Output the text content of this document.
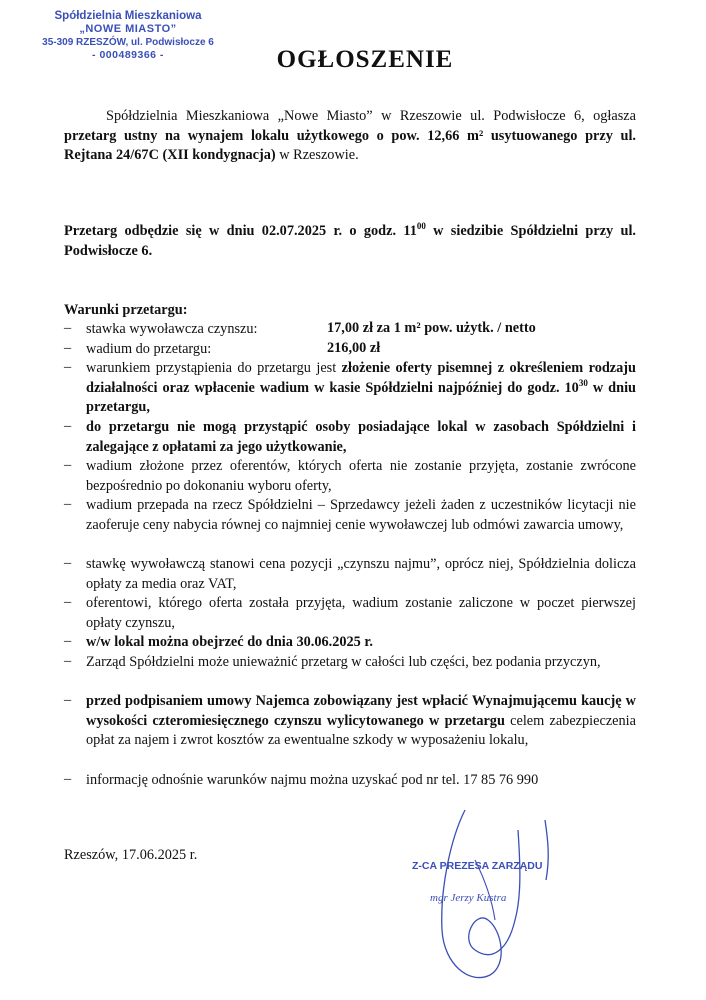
Spółdzielnia Mieszkaniowa
„NOWE MIASTO”
35-309 RZESZÓW, ul. Podwisłocze 6
- 000489366 -	OGŁOSZENIE
Spółdzielnia Mieszkaniowa „Nowe Miasto” w Rzeszowie ul. Podwisłocze 6, ogłasza przetarg ustny na wynajem lokalu użytkowego o pow. 12,66 m² usytuowanego przy ul. Rejtana 24/67C (XII kondygnacja) w Rzeszowie.
Przetarg odbędzie się w dniu 02.07.2025 r. o godz. $11^{00}$ w siedzibie Spółdzielni przy ul. Podwisłocze 6.
Warunki przetargu:
– stawka wywoławcza czynszu:	17,00 zł za 1 m² pow. użytk. / netto
– wadium do przetargu:	216,00 zł
– warunkiem przystąpienia do przetargu jest złożenie oferty pisemnej z określeniem rodzaju działalności oraz wpłacenie wadium w kasie Spółdzielni najpóźniej do godz. $10^{30}$ w dniu przetargu,
– do przetargu nie mogą przystąpić osoby posiadające lokal w zasobach Spółdzielni i zalegające z opłatami za jego użytkowanie,
– wadium złożone przez oferentów, których oferta nie zostanie przyjęta, zostanie zwrócone bezpośrednio po dokonaniu wyboru oferty,
– wadium przepada na rzecz Spółdzielni – Sprzedawcy jeżeli żaden z uczestników licytacji nie zaoferuje ceny nabycia równej co najmniej cenie wywoławczej lub odmówi zawarcia umowy,
– stawkę wywoławczą stanowi cena pozycji „czynszu najmu”, oprócz niej, Spółdzielnia dolicza opłaty za media oraz VAT,
– oferentowi, którego oferta została przyjęta, wadium zostanie zaliczone w poczet pierwszej opłaty czynszu,
– w/w lokal można obejrzeć do dnia 30.06.2025 r.
– Zarząd Spółdzielni może unieważnić przetarg w całości lub części, bez podania przyczyn,
– przed podpisaniem umowy Najemca zobowiązany jest wpłacić Wynajmującemu kaucję w wysokości czteromiesięcznego czynszu wylicytowanego w przetargu celem zabezpieczenia opłat za najem i zwrot kosztów za ewentualne szkody w wyposażeniu lokalu,
– informację odnośnie warunków najmu można uzyskać pod nr tel. 17 85 76 990
Rzeszów, 17.06.2025 r.
Z-CA PREZESA ZARZĄDU
mgr Jerzy Kustra
